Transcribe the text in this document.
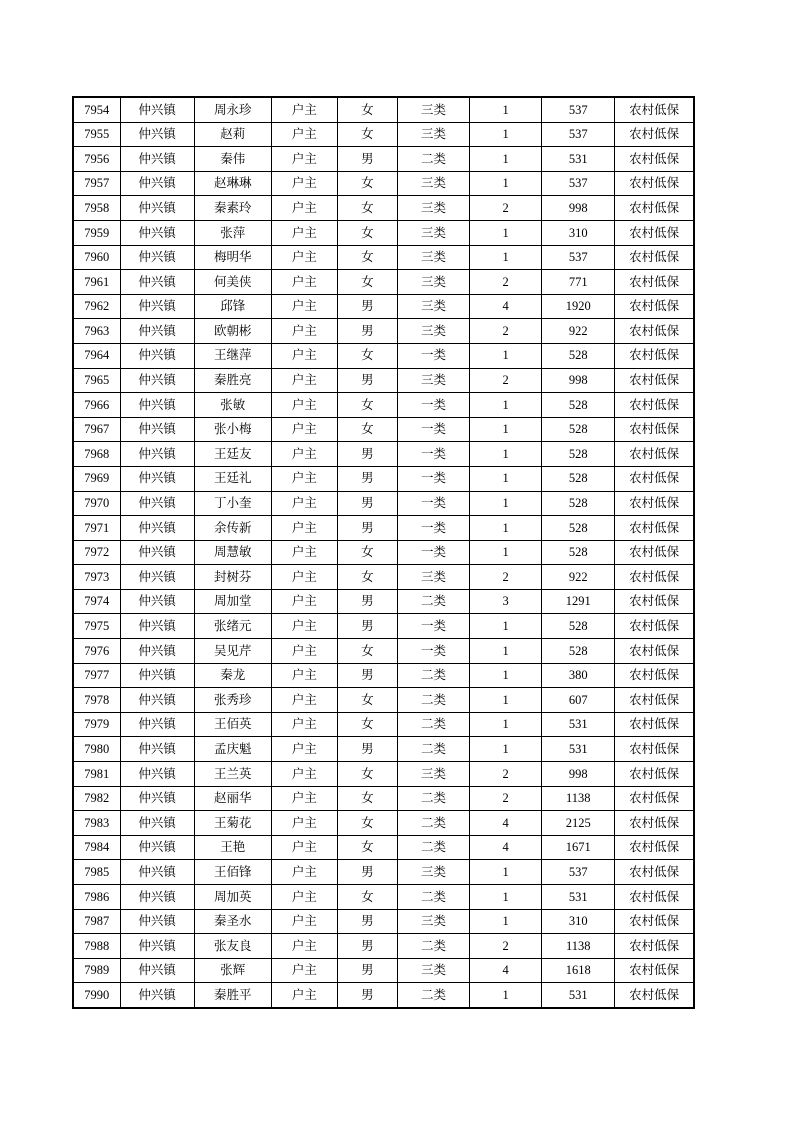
7954	仲兴镇	周永珍	户主	女	三类	1	537	农村低保
7955	仲兴镇	赵莉	户主	女	三类	1	537	农村低保
7956	仲兴镇	秦伟	户主	男	二类	1	531	农村低保
7957	仲兴镇	赵琳琳	户主	女	三类	1	537	农村低保
7958	仲兴镇	秦素玲	户主	女	三类	2	998	农村低保
7959	仲兴镇	张萍	户主	女	三类	1	310	农村低保
7960	仲兴镇	梅明华	户主	女	三类	1	537	农村低保
7961	仲兴镇	何美侠	户主	女	三类	2	771	农村低保
7962	仲兴镇	邱锋	户主	男	三类	4	1920	农村低保
7963	仲兴镇	欧朝彬	户主	男	三类	2	922	农村低保
7964	仲兴镇	王继萍	户主	女	一类	1	528	农村低保
7965	仲兴镇	秦胜亮	户主	男	三类	2	998	农村低保
7966	仲兴镇	张敏	户主	女	一类	1	528	农村低保
7967	仲兴镇	张小梅	户主	女	一类	1	528	农村低保
7968	仲兴镇	王廷友	户主	男	一类	1	528	农村低保
7969	仲兴镇	王廷礼	户主	男	一类	1	528	农村低保
7970	仲兴镇	丁小奎	户主	男	一类	1	528	农村低保
7971	仲兴镇	余传新	户主	男	一类	1	528	农村低保
7972	仲兴镇	周慧敏	户主	女	一类	1	528	农村低保
7973	仲兴镇	封树芬	户主	女	三类	2	922	农村低保
7974	仲兴镇	周加堂	户主	男	二类	3	1291	农村低保
7975	仲兴镇	张绪元	户主	男	一类	1	528	农村低保
7976	仲兴镇	吴见芹	户主	女	一类	1	528	农村低保
7977	仲兴镇	秦龙	户主	男	二类	1	380	农村低保
7978	仲兴镇	张秀珍	户主	女	二类	1	607	农村低保
7979	仲兴镇	王佰英	户主	女	二类	1	531	农村低保
7980	仲兴镇	孟庆魁	户主	男	二类	1	531	农村低保
7981	仲兴镇	王兰英	户主	女	三类	2	998	农村低保
7982	仲兴镇	赵丽华	户主	女	二类	2	1138	农村低保
7983	仲兴镇	王菊花	户主	女	二类	4	2125	农村低保
7984	仲兴镇	王艳	户主	女	二类	4	1671	农村低保
7985	仲兴镇	王佰锋	户主	男	三类	1	537	农村低保
7986	仲兴镇	周加英	户主	女	二类	1	531	农村低保
7987	仲兴镇	秦圣水	户主	男	三类	1	310	农村低保
7988	仲兴镇	张友良	户主	男	二类	2	1138	农村低保
7989	仲兴镇	张辉	户主	男	三类	4	1618	农村低保
7990	仲兴镇	秦胜平	户主	男	二类	1	531	农村低保
